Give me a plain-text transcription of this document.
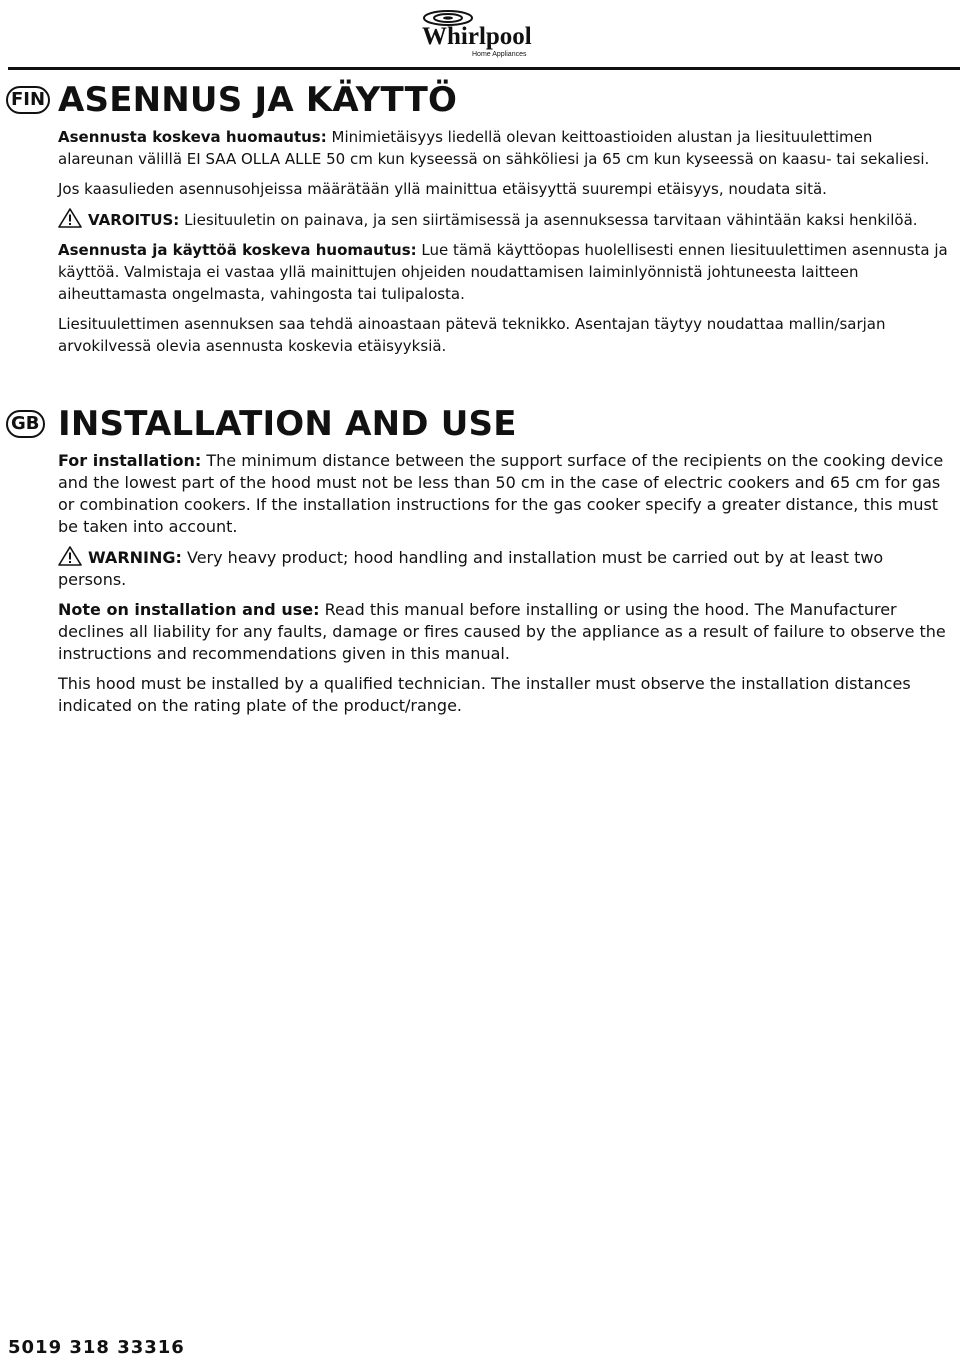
Whirlpool
Home Appliances
FIN ASENNUS JA KÄYTTÖ

Asennusta koskeva huomautus: Minimietäisyys liedellä olevan keittoastioiden alustan ja liesituulettimen alareunan välillä EI SAA OLLA ALLE 50 cm kun kyseessä on sähköliesi ja 65 cm kun kyseessä on kaasu- tai sekaliesi.

Jos kaasulieden asennusohjeissa määrätään yllä mainittua etäisyyttä suurempi etäisyys, noudata sitä.

VAROITUS: Liesituuletin on painava, ja sen siirtämisessä ja asennuksessa tarvitaan vähintään kaksi henkilöä.

Asennusta ja käyttöä koskeva huomautus: Lue tämä käyttöopas huolellisesti ennen liesituulettimen asennusta ja käyttöä. Valmistaja ei vastaa yllä mainittujen ohjeiden noudattamisen laiminlyönnistä johtuneesta laitteen aiheuttamasta ongelmasta, vahingosta tai tulipalosta.

Liesituulettimen asennuksen saa tehdä ainoastaan pätevä teknikko. Asentajan täytyy noudattaa mallin/sarjan arvokilvessä olevia asennusta koskevia etäisyyksiä.

GB INSTALLATION AND USE

For installation: The minimum distance between the support surface of the recipients on the cooking device and the lowest part of the hood must not be less than 50 cm in the case of electric cookers and 65 cm for gas or combination cookers. If the installation instructions for the gas cooker specify a greater distance, this must be taken into account.

WARNING: Very heavy product; hood handling and installation must be carried out by at least two persons.

Note on installation and use: Read this manual before installing or using the hood. The Manufacturer declines all liability for any faults, damage or fires caused by the appliance as a result of failure to observe the instructions and recommendations given in this manual.

This hood must be installed by a qualified technician. The installer must observe the installation distances indicated on the rating plate of the product/range.

5019 318 33316
